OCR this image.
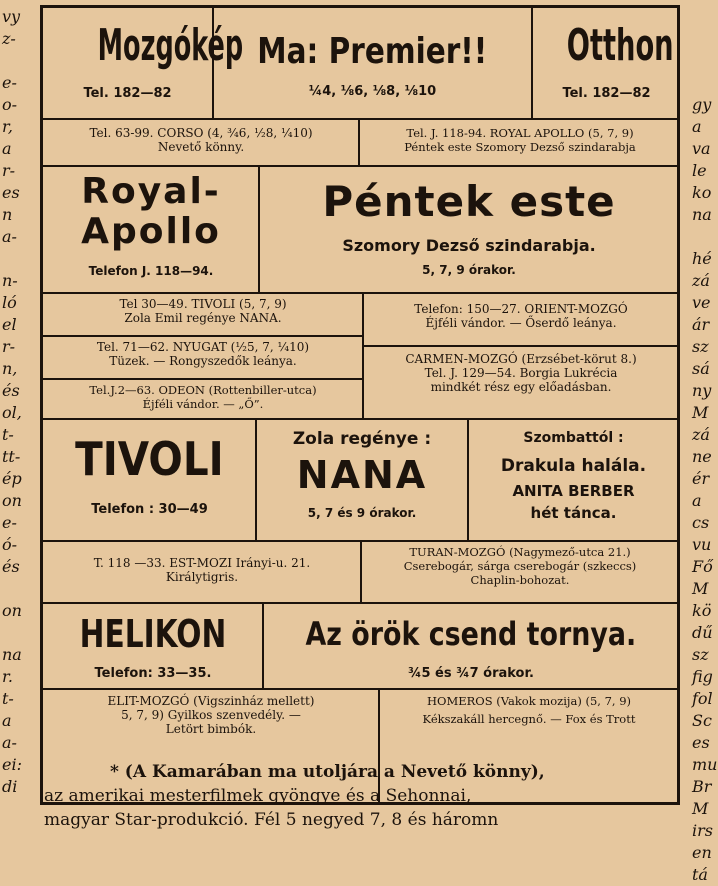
Mozgókép
Tel. 182—82
Ma: Premier!!
¼4, ⅛6, ⅛8, ⅛10
Otthon
Tel. 182—82
Tel. 63-99. CORSO (4, ¾6, ½8, ¼10)
Nevető könny.
Tel. J. 118-94. ROYAL APOLLO (5, 7, 9)
Péntek este Szomory Dezső szindarabja
Royal-
Apollo
Telefon J. 118—94.
Péntek este
Szomory Dezső szindarabja.
5, 7, 9 órakor.
Tel 30—49. TIVOLI (5, 7, 9)
Zola Emil regénye NANA.
Telefon: 150—27. ORIENT-MOZGÓ
Éjféli vándor. — Őserdő leánya.
Tel. 71—62. NYUGAT (½5, 7, ¼10)
Tüzek. — Rongyszedők leánya.	CARMEN-MOZGÓ (Erzsébet-körut 8.)
Tel. J. 129—54. Borgia Lukrécia
mindkét rész egy előadásban.
Tel.J.2—63. ODEON (Rottenbiller-utca)
Éjféli vándor. — „Ő”.
TIVOLI
Telefon : 30—49
Zola regénye :
NANA
5, 7 és 9 órakor.
Szombattól :
Drakula halála.
ANITA BERBER
hét tánca.
T. 118 —33. EST-MOZI Irányi-u. 21.
Királytigris.
TURAN-MOZGÓ (Nagymező-utca 21.)
Cserebogár, sárga cserebogár (szkeccs)
Chaplin-bohozat.
HELIKON
Telefon: 33—35.
Az örök csend tornya.
¾5 és ¾7 órakor.
ELIT-MOZGÓ (Vigszinház mellett)
5, 7, 9) Gyilkos szenvedély. —
Letört bimbók.
HOMEROS (Vakok mozija) (5, 7, 9)
Kékszakáll hercegnő. — Fox és Trott
* (A Kamarában ma utoljára a Nevető könny),
az amerikai mesterfilmek gyöngye és a Sehonnai,
magyar Star-produkció. Fél 5 negyed 7, 8 és háromn
vy
z-
e-
o-
r,
a
r-
es
n
a-
n-
ló
el
r-
n,
és
ol,
t-
tt-
ép
on
e-
ó-
és
on
na
r.
t-
a
a-
ei:
di
gy
a
va
le
ko
na
hé
zá
ve
ár
sz
sá
ny
M
zá
ne
ér
a
cs
vu
Fő
M
kö
dű
sz
fig
fol
Sc
es
mu
Br
M
irs
en
tá
